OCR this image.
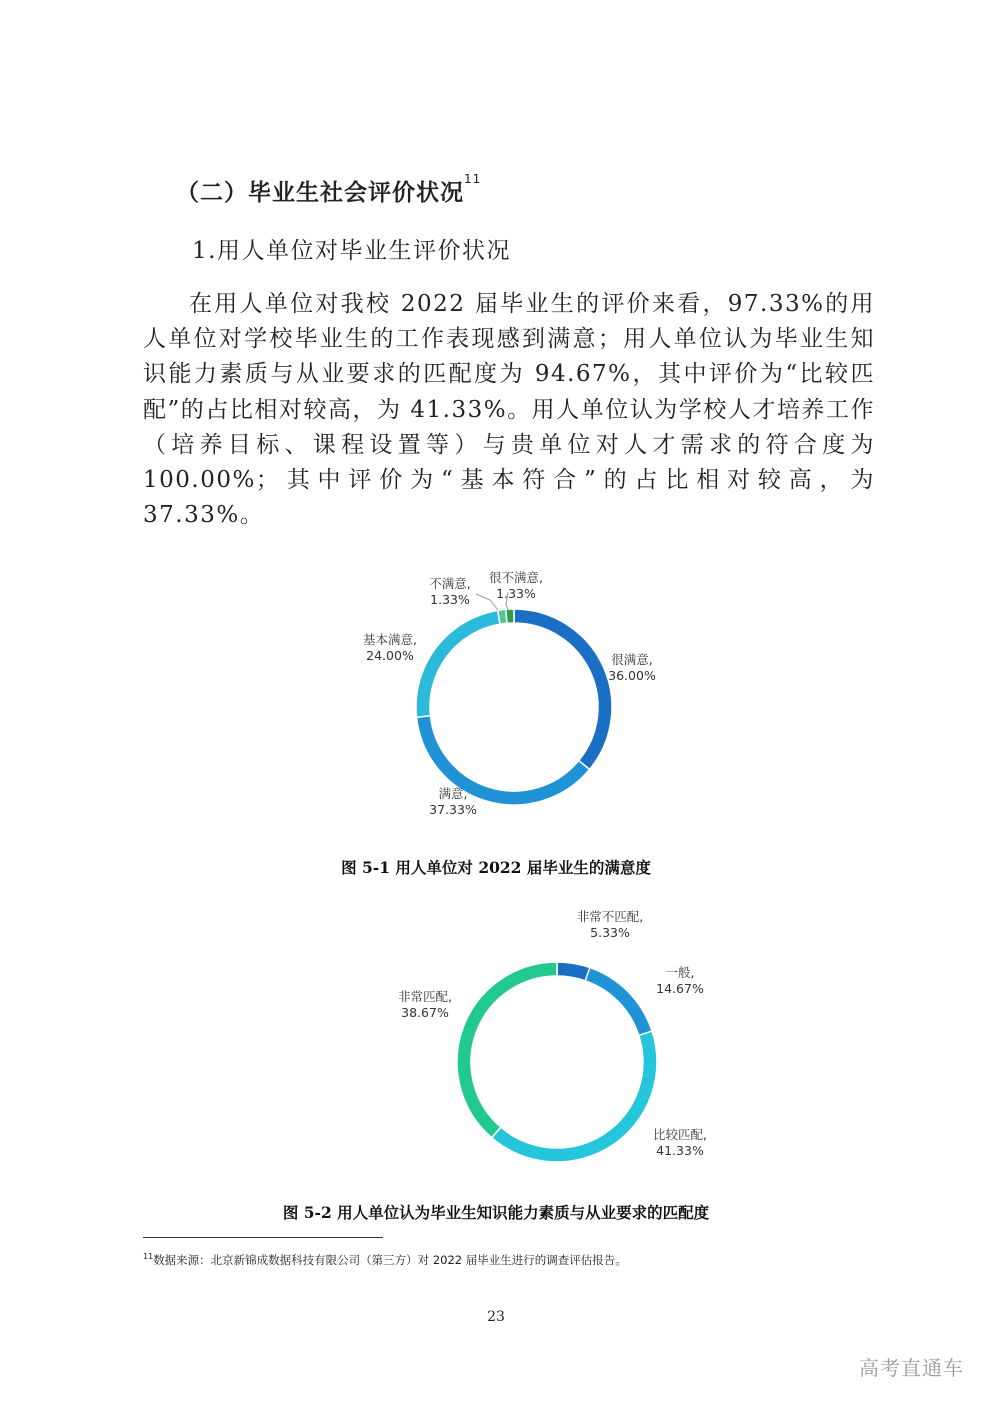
（二）毕业生社会评价状况$^{11}$
1.用人单位对毕业生评价状况
在用人单位对我校 2022 届毕业生的评价来看，97.33%的用人单位对学校毕业生的工作表现感到满意；用人单位认为毕业生知识能力素质与从业要求的匹配度为 94.67%，其中评价为“比较匹配”的占比相对较高，为 41.33%。用人单位认为学校人才培养工作（培养目标、课程设置等）与贵单位对人才需求的符合度为 100.00%；其中评价为“基本符合”的占比相对较高，为 37.33%。
很满意,
36.00%
满意,
37.33%
基本满意,
24.00%
不满意,
1.33%
很不满意,
1.33%
图 5-1 用人单位对 2022 届毕业生的满意度
非常不匹配,
5.33%
一般,
14.67%
比较匹配,
41.33%
非常匹配,
38.67%
图 5-2 用人单位认为毕业生知识能力素质与从业要求的匹配度
$^{11}$数据来源：北京新锦成数据科技有限公司（第三方）对 2022 届毕业生进行的调查评估报告。
23
高考直通车
